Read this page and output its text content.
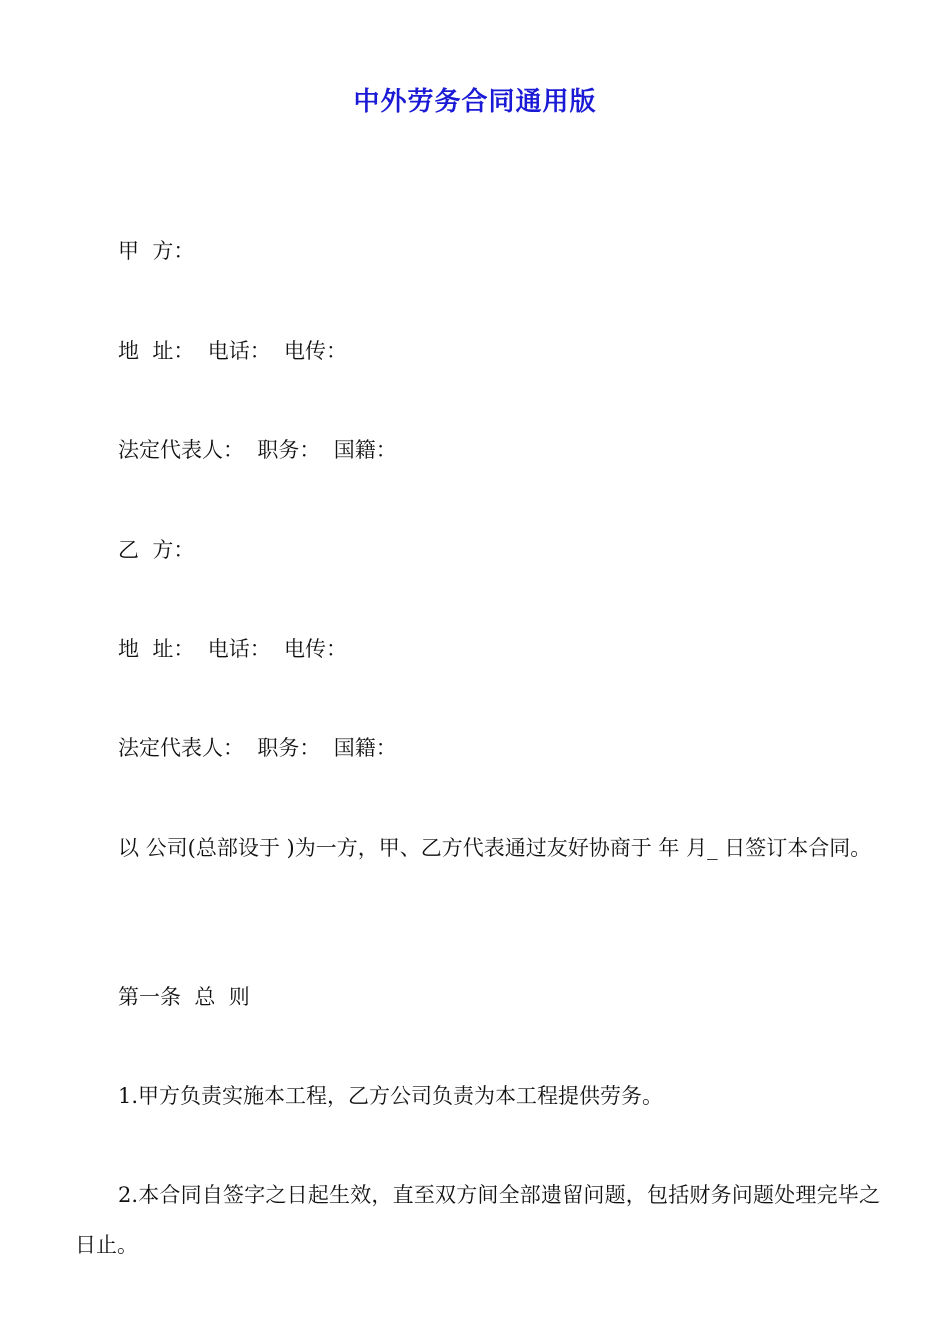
中外劳务合同通用版
甲  方：
地  址：  电话：  电传：
法定代表人：  职务：  国籍：
乙  方：
地  址：  电话：  电传：
法定代表人：  职务：  国籍：
以 公司(总部设于 )为一方，甲、乙方代表通过友好协商于 年 月_ 日签订本合同。
第一条  总  则
1.甲方负责实施本工程，乙方公司负责为本工程提供劳务。
2.本合同自签字之日起生效，直至双方间全部遗留问题，包括财务问题处理完毕之日止。
